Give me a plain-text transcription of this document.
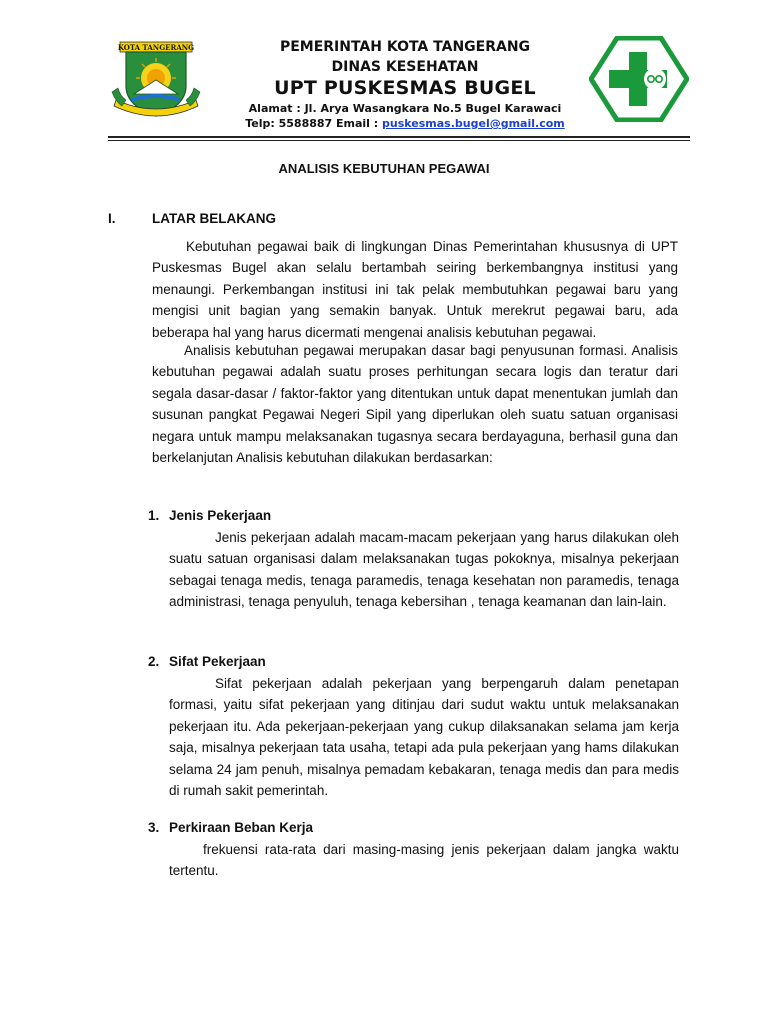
KOTA TANGERANG	PEMERINTAH KOTA TANGERANG
DINAS KESEHATAN
UPT PUSKESMAS BUGEL
Alamat : Jl. Arya Wasangkara No.5 Bugel Karawaci
Telp: 5588887 Email : puskesmas.bugel@gmail.com
ANALISIS KEBUTUHAN PEGAWAI
I.	LATAR BELAKANG
Kebutuhan pegawai baik di lingkungan Dinas Pemerintahan khususnya di UPT Puskesmas Bugel akan selalu bertambah seiring berkembangnya institusi yang menaungi. Perkembangan institusi ini tak pelak membutuhkan pegawai baru yang mengisi unit bagian yang semakin banyak. Untuk merekrut pegawai baru, ada beberapa hal yang harus dicermati mengenai analisis kebutuhan pegawai.
Analisis kebutuhan pegawai merupakan dasar bagi penyusunan formasi. Analisis kebutuhan pegawai adalah suatu proses perhitungan secara logis dan teratur dari segala dasar-dasar / faktor-faktor yang ditentukan untuk dapat menentukan jumlah dan susunan pangkat Pegawai Negeri Sipil yang diperlukan oleh suatu satuan organisasi negara untuk mampu melaksanakan tugasnya secara berdayaguna, berhasil guna dan berkelanjutan Analisis kebutuhan dilakukan berdasarkan:
1. Jenis Pekerjaan
Jenis pekerjaan adalah macam-macam pekerjaan yang harus dilakukan oleh suatu satuan organisasi dalam melaksanakan tugas pokoknya, misalnya pekerjaan sebagai tenaga medis, tenaga paramedis, tenaga kesehatan non paramedis, tenaga administrasi, tenaga penyuluh, tenaga kebersihan , tenaga keamanan dan lain-lain.
2. Sifat Pekerjaan
Sifat pekerjaan adalah pekerjaan yang berpengaruh dalam penetapan formasi, yaitu sifat pekerjaan yang ditinjau dari sudut waktu untuk melaksanakan pekerjaan itu. Ada pekerjaan-pekerjaan yang cukup dilaksanakan selama jam kerja saja, misalnya pekerjaan tata usaha, tetapi ada pula pekerjaan yang hams dilakukan selama 24 jam penuh, misalnya pemadam kebakaran, tenaga medis dan para medis di rumah sakit pemerintah.
3. Perkiraan Beban Kerja
frekuensi rata-rata dari masing-masing jenis pekerjaan dalam jangka waktu tertentu.
